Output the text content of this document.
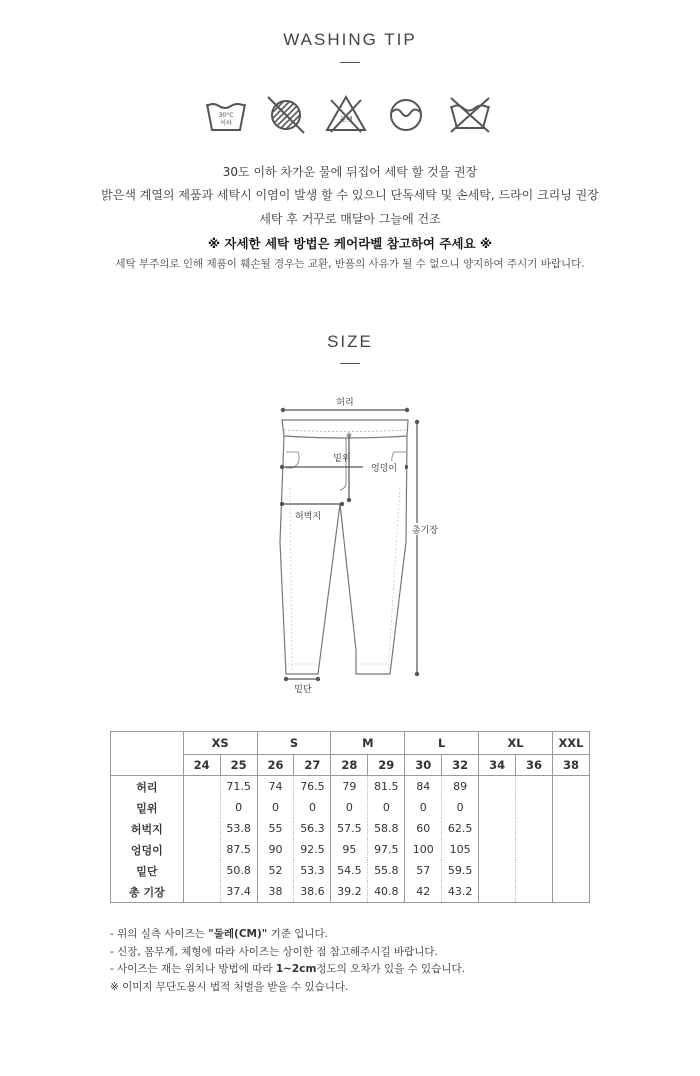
WASHING TIP
30°C
이하	표백
30도 이하 차가운 물에 뒤집어 세탁 할 것을 권장
밝은색 계열의 제품과 세탁시 이염이 발생 할 수 있으니 단독세탁 및 손세탁, 드라이 크리닝 권장
세탁 후 거꾸로 매달아 그늘에 건조
※ 자세한 세탁 방법은 케어라벨 참고하여 주세요 ※
세탁 부주의로 인해 제품이 훼손될 경우는 교환, 반품의 사유가 될 수 없으니 양지하여 주시기 바랍니다.
SIZE
허리
밑위
엉덩이
허벅지
총기장
밑단
	XS		S		M		L		XL		XXL
	24	25	26	27	28	29	30	32	34	36	38
허리		71.5	74	76.5	79	81.5	84	89			
밑위		0	0	0	0	0	0	0			
허벅지		53.8	55	56.3	57.5	58.8	60	62.5			
엉덩이		87.5	90	92.5	95	97.5	100	105			
밑단		50.8	52	53.3	54.5	55.8	57	59.5			
총 기장		37.4	38	38.6	39.2	40.8	42	43.2			
- 위의 실측 사이즈는 "둘레(CM)" 기준 입니다.
- 신장, 몸무게, 체형에 따라 사이즈는 상이한 점 참고해주시길 바랍니다.
- 사이즈는 재는 위치나 방법에 따라 1~2cm정도의 오차가 있을 수 있습니다.
※ 이미지 무단도용시 법적 처벌을 받을 수 있습니다.
